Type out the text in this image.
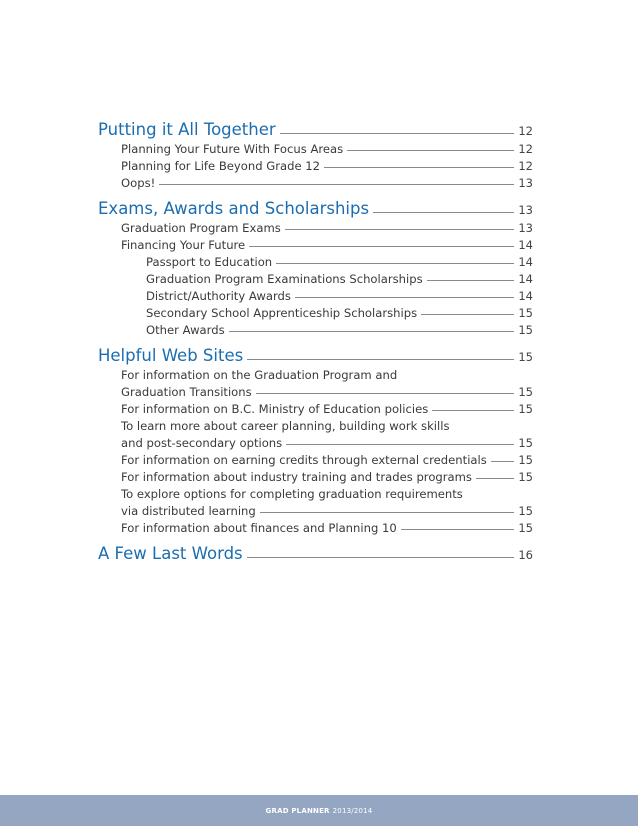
Putting it All Together	12
Planning Your Future With Focus Areas	12
Planning for Life Beyond Grade 12	12
Oops!	13
Exams, Awards and Scholarships	13
Graduation Program Exams	13
Financing Your Future	14
Passport to Education	14
Graduation Program Examinations Scholarships	14
District/Authority Awards	14
Secondary School Apprenticeship Scholarships	15
Other Awards	15
Helpful Web Sites	15
For information on the Graduation Program and
Graduation Transitions	15
For information on B.C. Ministry of Education policies	15
To learn more about career planning, building work skills
and post-secondary options	15
For information on earning credits through external credentials	15
For information about industry training and trades programs	15
To explore options for completing graduation requirements
via distributed learning	15
For information about finances and Planning 10	15
A Few Last Words	16
GRAD PLANNER 2013/2014
